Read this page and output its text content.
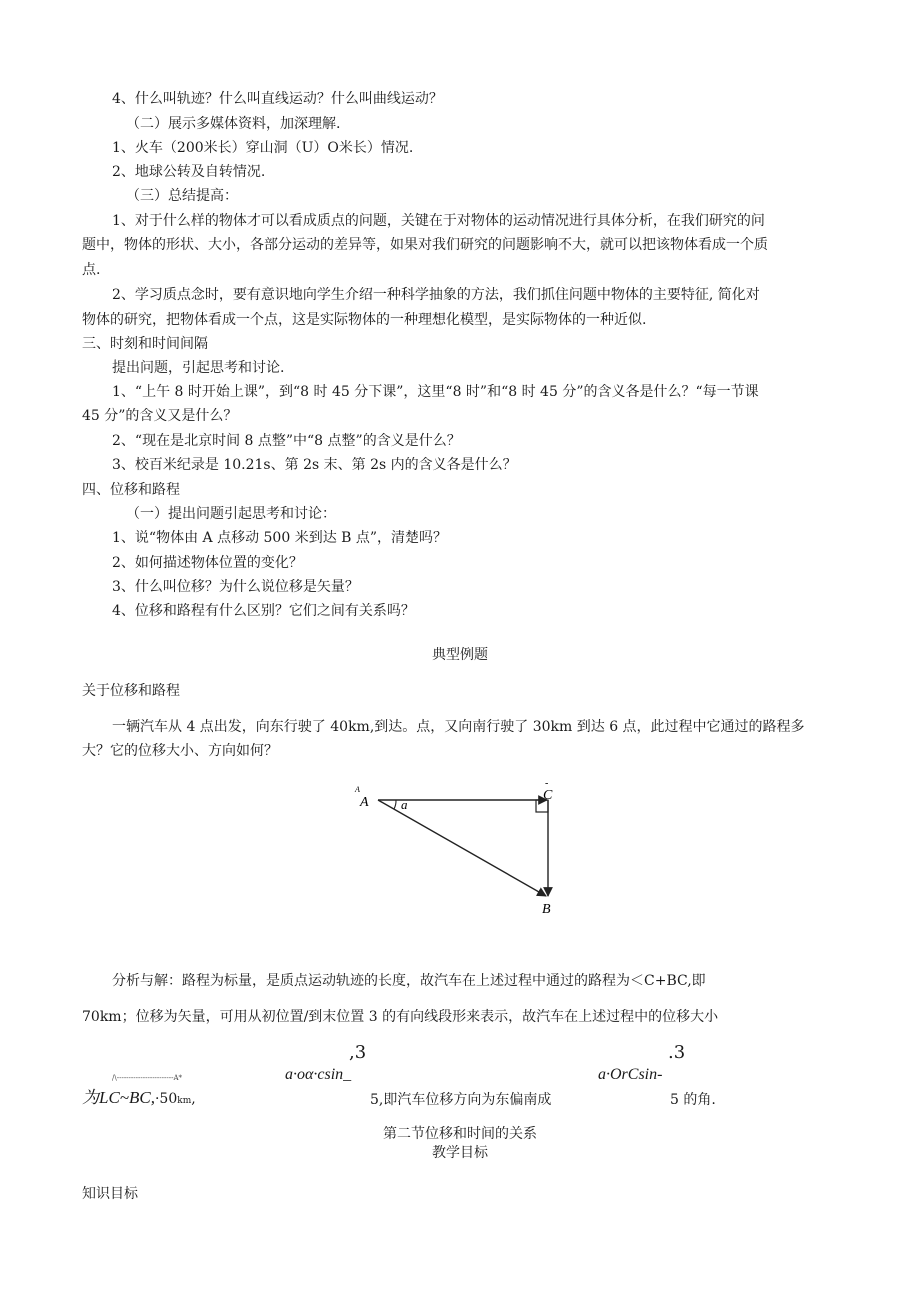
4、什么叫轨迹？什么叫直线运动？什么叫曲线运动？
（二）展示多媒体资料，加深理解.
1、火车（200米长）穿山洞（U）O米长）情况.
2、地球公转及自转情况.
（三）总结提高：
1、对于什么样的物体才可以看成质点的问题，关键在于对物体的运动情况进行具体分析，在我们研究的问
题中，物体的形状、大小，各部分运动的差异等，如果对我们研究的问题影响不大，就可以把该物体看成一个质
点.
2、学习质点念时，要有意识地向学生介绍一种科学抽象的方法，我们抓住问题中物体的主要特征, 简化对
物体的研究，把物体看成一个点，这是实际物体的一种理想化模型，是实际物体的一种近似.
三、时刻和时间间隔
提出问题，引起思考和讨论.
1、“上午 8 时开始上课”，到“8 时 45 分下课”，这里“8 时”和“8 时 45 分”的含义各是什么？“每一节课
45 分”的含义又是什么？
2、“现在是北京时间 8 点整”中“8 点整”的含义是什么？
3、校百米纪录是 10.21s、第 2s 末、第 2s 内的含义各是什么？
四、位移和路程
（一）提出问题引起思考和讨论：
1、说“物体由 A 点移动 500 米到达 B 点”，清楚吗？
2、如何描述物体位置的变化？
3、什么叫位移？为什么说位移是矢量？
4、位移和路程有什么区别？它们之间有关系吗？
典型例题
关于位移和路程
一辆汽车从 4 点出发，向东行驶了 40km,到达。点，又向南行驶了 30km 到达 6 点，此过程中它通过的路程多
大？它的位移大小、方向如何？
A
A	C
-
B
a
分析与解：路程为标量，是质点运动轨迹的长度，故汽车在上述过程中通过的路程为＜C+BC,即
70km；位移为矢量，可用从初位置/到末位置 3 的有向线段形来表示，故汽车在上述过程中的位移大小
,3	.3
/\------------------------A*	a·oα·csin_	a·OrCsin-
为LC~BC,·50km,	5,即汽车位移方向为东偏南成	5 的角.
第二节位移和时间的关系
教学目标
知识目标
